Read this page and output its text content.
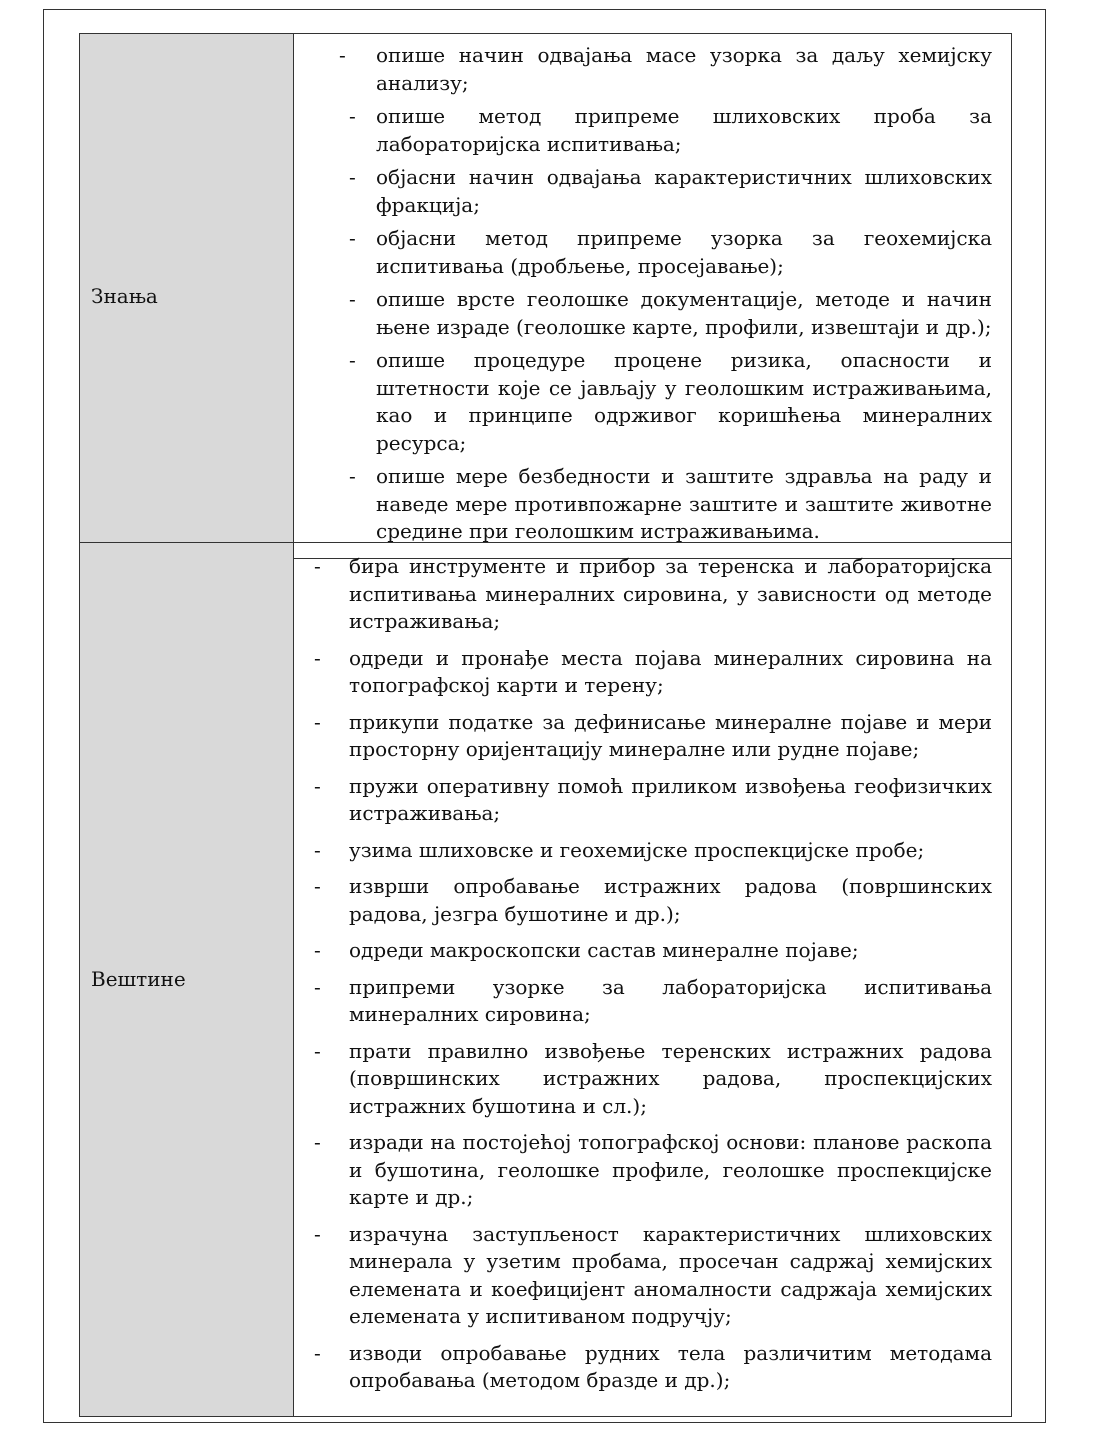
Знања	
- опише начин одвајања масе узорка за даљу хемијску анализу;
- опише метод припреме шлиховских проба за лабораторијска испитивања;
- објасни начин одвајања карактеристичних шлиховских фракција;
- објасни метод припреме узорка за геохемијска испитивања (дробљење, просејавање);
- опише врсте геолошке документације, методе и начин њене израде (геолошке карте, профили, извештаји и др.);
- опише процедуре процене ризика, опасности и штетности које се јављају у геолошким истраживањима, као и принципе одрживог коришћења минералних ресурса;
- опише мере безбедности и заштите здравља на раду и наведе мере противпожарне заштите и заштите животне средине при геолошким истраживањима.
Вештине	
- бира инструменте и прибор за теренска и лабораторијска испитивања минералних сировина, у зависности од методе истраживања;
- одреди и пронађе места појава минералних сировина на топографској карти и терену;
- прикупи податке за дефинисање минералне појаве и мери просторну оријентацију минералне или рудне појаве;
- пружи оперативну помоћ приликом извођења геофизичких истраживања;
- узима шлиховске и геохемијске проспекцијске пробе;
- изврши опробавање истражних радова (површинских радова, језгра бушотине и др.);
- одреди макроскопски састав минералне појаве;
- припреми узорке за лабораторијска испитивања минералних сировина;
- прати правилно извођење теренских истражних радова (површинских истражних радова, проспекцијских истражних бушотина и сл.);
- изради на постојећој топографској основи: планове раскопа и бушотина, геолошке профиле, геолошке проспекцијске карте и др.;
- израчуна заступљеност карактеристичних шлиховских минерала у узетим пробама, просечан садржај хемијских елемената и коефицијент аномалности садржаја хемијских елемената у испитиваном подручју;
- изводи опробавање рудних тела различитим методама опробавања (методом бразде и др.);
